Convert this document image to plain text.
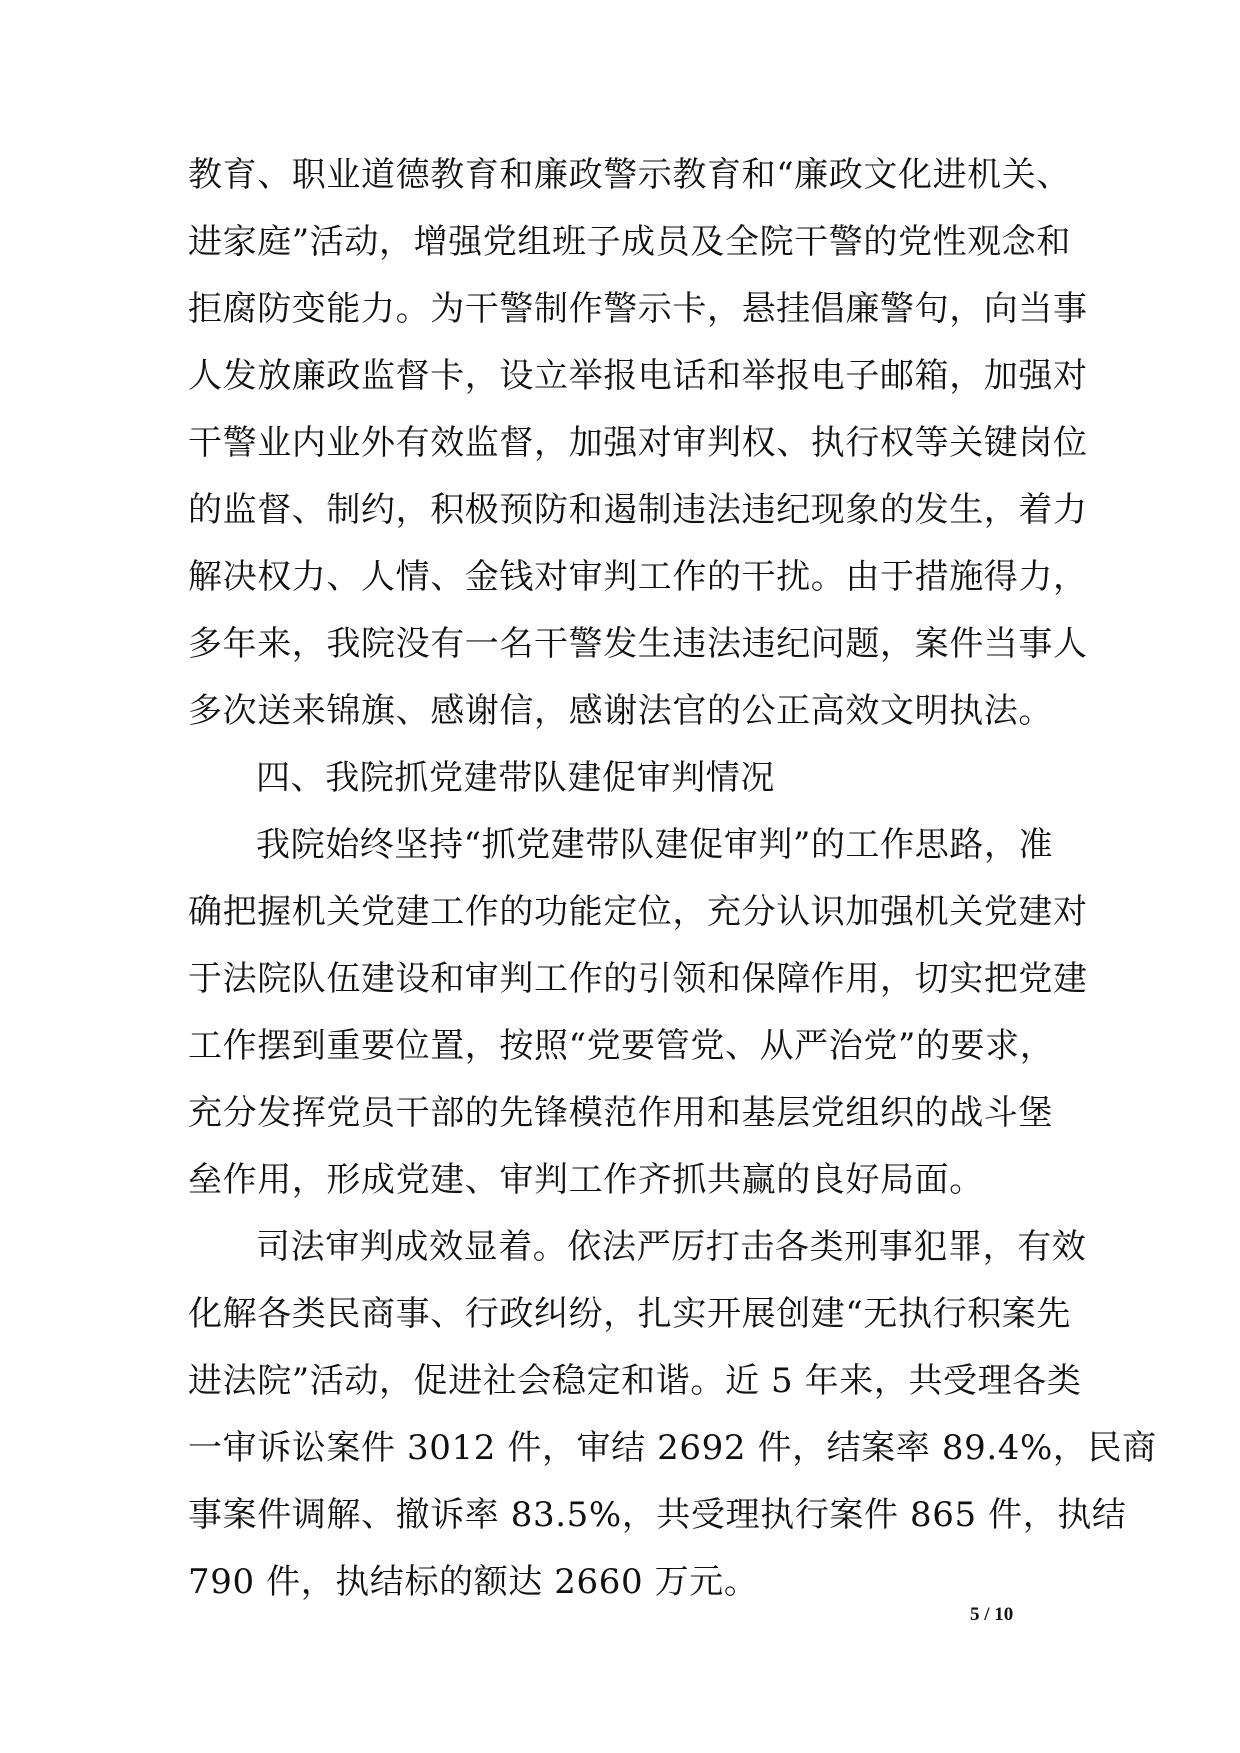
教育、职业道德教育和廉政警示教育和“廉政文化进机关、
进家庭”活动，增强党组班子成员及全院干警的党性观念和
拒腐防变能力。为干警制作警示卡，悬挂倡廉警句，向当事
人发放廉政监督卡，设立举报电话和举报电子邮箱，加强对
干警业内业外有效监督，加强对审判权、执行权等关键岗位
的监督、制约，积极预防和遏制违法违纪现象的发生，着力
解决权力、人情、金钱对审判工作的干扰。由于措施得力，
多年来，我院没有一名干警发生违法违纪问题，案件当事人
多次送来锦旗、感谢信，感谢法官的公正高效文明执法。
四、我院抓党建带队建促审判情况
我院始终坚持“抓党建带队建促审判”的工作思路，准
确把握机关党建工作的功能定位，充分认识加强机关党建对
于法院队伍建设和审判工作的引领和保障作用，切实把党建
工作摆到重要位置，按照“党要管党、从严治党”的要求，
充分发挥党员干部的先锋模范作用和基层党组织的战斗堡
垒作用，形成党建、审判工作齐抓共赢的良好局面。
司法审判成效显着。依法严厉打击各类刑事犯罪，有效
化解各类民商事、行政纠纷，扎实开展创建“无执行积案先
进法院”活动，促进社会稳定和谐。近 5 年来，共受理各类
一审诉讼案件 3012 件，审结 2692 件，结案率 89.4%，民商
事案件调解、撤诉率 83.5%，共受理执行案件 865 件，执结
790 件，执结标的额达 2660 万元。
5 / 10
